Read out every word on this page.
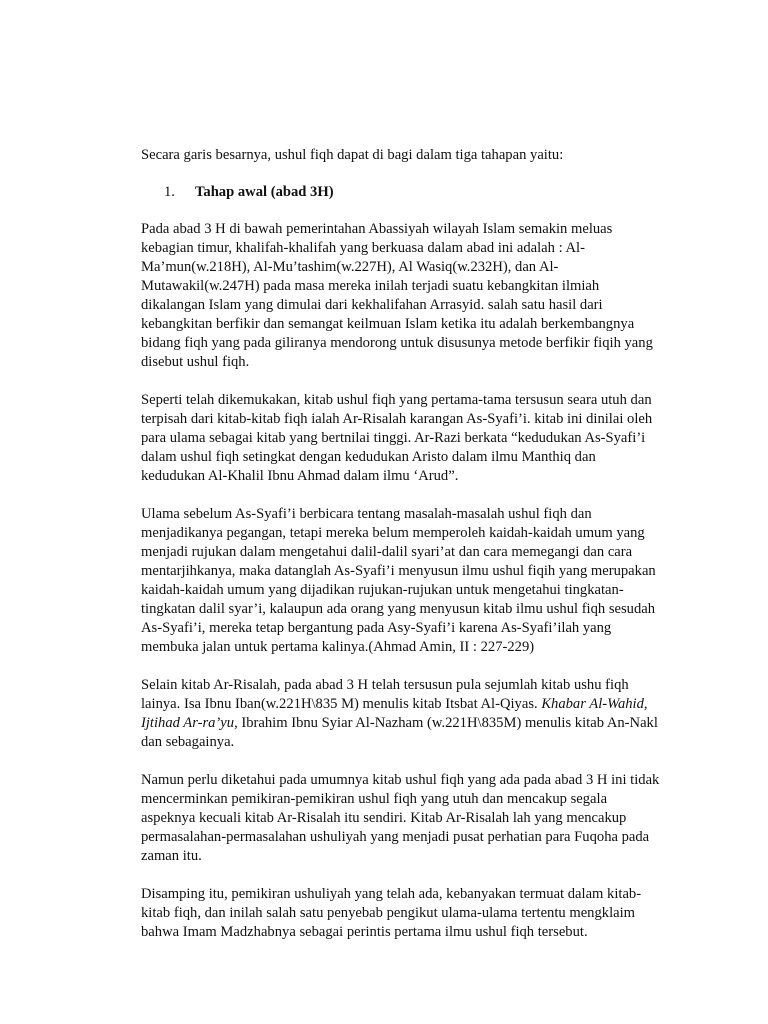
Secara garis besarnya, ushul fiqh dapat di bagi dalam tiga tahapan yaitu:

1.	Tahap awal (abad 3H)

Pada abad 3 H di bawah pemerintahan Abassiyah wilayah Islam semakin meluas kebagian timur, khalifah-khalifah yang berkuasa dalam abad ini adalah : Al-Ma’mun(w.218H), Al-Mu’tashim(w.227H), Al Wasiq(w.232H), dan Al-Mutawakil(w.247H) pada masa mereka inilah terjadi suatu kebangkitan ilmiah dikalangan Islam yang dimulai dari kekhalifahan Arrasyid. salah satu hasil dari kebangkitan berfikir dan semangat keilmuan Islam ketika itu adalah berkembangnya bidang fiqh yang pada giliranya mendorong untuk disusunya metode berfikir fiqih yang disebut ushul fiqh.

Seperti telah dikemukakan, kitab ushul fiqh yang pertama-tama tersusun seara utuh dan terpisah dari kitab-kitab fiqh ialah Ar-Risalah karangan As-Syafi’i. kitab ini dinilai oleh para ulama sebagai kitab yang bertnilai tinggi. Ar-Razi berkata “kedudukan As-Syafi’i dalam ushul fiqh setingkat dengan kedudukan Aristo dalam ilmu Manthiq dan kedudukan Al-Khalil Ibnu Ahmad dalam ilmu ‘Arud”.

Ulama sebelum As-Syafi’i berbicara tentang masalah-masalah ushul fiqh dan menjadikanya pegangan, tetapi mereka belum memperoleh kaidah-kaidah umum yang menjadi rujukan dalam mengetahui dalil-dalil syari’at dan cara memegangi dan cara mentarjihkanya, maka datanglah As-Syafi’i menyusun ilmu ushul fiqih yang merupakan kaidah-kaidah umum yang dijadikan rujukan-rujukan untuk mengetahui tingkatan-tingkatan dalil syar’i, kalaupun ada orang yang menyusun kitab ilmu ushul fiqh sesudah As-Syafi’i, mereka tetap bergantung pada Asy-Syafi’i karena As-Syafi’ilah yang membuka jalan untuk pertama kalinya.(Ahmad Amin, II : 227-229)

Selain kitab Ar-Risalah, pada abad 3 H telah tersusun pula sejumlah kitab ushu fiqh lainya. Isa Ibnu Iban(w.221H\835 M) menulis kitab Itsbat Al-Qiyas. Khabar Al-Wahid, Ijtihad Ar-ra’yu, Ibrahim Ibnu Syiar Al-Nazham (w.221H\835M) menulis kitab An-Nakl dan sebagainya.

Namun perlu diketahui pada umumnya kitab ushul fiqh yang ada pada abad 3 H ini tidak mencerminkan pemikiran-pemikiran ushul fiqh yang utuh dan mencakup segala aspeknya kecuali kitab Ar-Risalah itu sendiri. Kitab Ar-Risalah lah yang mencakup permasalahan-permasalahan ushuliyah yang menjadi pusat perhatian para Fuqoha pada zaman itu.

Disamping itu, pemikiran ushuliyah yang telah ada, kebanyakan termuat dalam kitab-kitab fiqh, dan inilah salah satu penyebab pengikut ulama-ulama tertentu mengklaim bahwa Imam Madzhabnya sebagai perintis pertama ilmu ushul fiqh tersebut.
